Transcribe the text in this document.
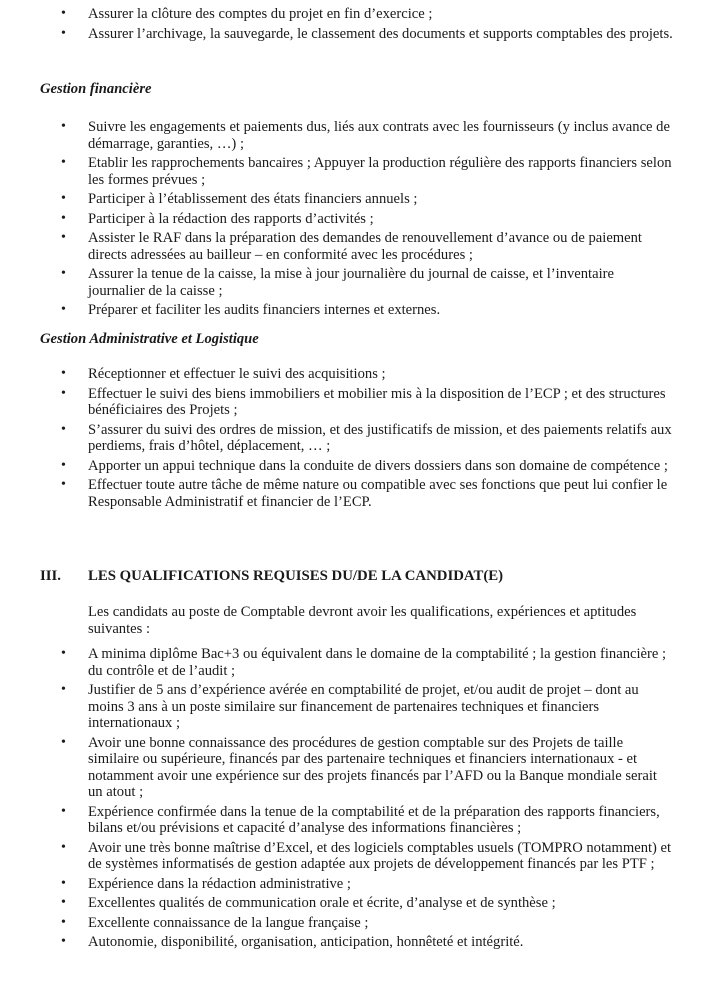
• Assurer la clôture des comptes du projet en fin d’exercice ;
• Assurer l’archivage, la sauvegarde, le classement des documents et supports comptables des projets.
Gestion financière
• Suivre les engagements et paiements dus, liés aux contrats avec les fournisseurs (y inclus avance de démarrage, garanties, …) ;
• Etablir les rapprochements bancaires ; Appuyer la production régulière des rapports financiers selon les formes prévues ;
• Participer à l’établissement des états financiers annuels ;
• Participer à la rédaction des rapports d’activités ;
• Assister le RAF dans la préparation des demandes de renouvellement d’avance ou de paiement directs adressées au bailleur – en conformité avec les procédures ;
• Assurer la tenue de la caisse, la mise à jour journalière du journal de caisse, et l’inventaire journalier de la caisse ;
• Préparer et faciliter les audits financiers internes et externes.
Gestion Administrative et Logistique
• Réceptionner et effectuer le suivi des acquisitions ;
• Effectuer le suivi des biens immobiliers et mobilier mis à la disposition de l’ECP ; et des structures bénéficiaires des Projets ;
• S’assurer du suivi des ordres de mission, et des justificatifs de mission, et des paiements relatifs aux perdiems, frais d’hôtel, déplacement, … ;
• Apporter un appui technique dans la conduite de divers dossiers dans son domaine de compétence ;
• Effectuer toute autre tâche de même nature ou compatible avec ses fonctions que peut lui confier le Responsable Administratif et financier de l’ECP.
III. LES QUALIFICATIONS REQUISES DU/DE LA CANDIDAT(E)
Les candidats au poste de Comptable devront avoir les qualifications, expériences et aptitudes suivantes :
• A minima diplôme Bac+3 ou équivalent dans le domaine de la comptabilité ; la gestion financière ; du contrôle et de l’audit ;
• Justifier de 5 ans d’expérience avérée en comptabilité de projet, et/ou audit de projet – dont au moins 3 ans à un poste similaire sur financement de partenaires techniques et financiers internationaux ;
• Avoir une bonne connaissance des procédures de gestion comptable sur des Projets de taille similaire ou supérieure, financés par des partenaire techniques et financiers internationaux - et notamment avoir une expérience sur des projets financés par l’AFD ou la Banque mondiale serait un atout ;
• Expérience confirmée dans la tenue de la comptabilité et de la préparation des rapports financiers, bilans et/ou prévisions et capacité d’analyse des informations financières ;
• Avoir une très bonne maîtrise d’Excel, et des logiciels comptables usuels (TOMPRO notamment) et de systèmes informatisés de gestion adaptée aux projets de développement financés par les PTF ;
• Expérience dans la rédaction administrative ;
• Excellentes qualités de communication orale et écrite, d’analyse et de synthèse ;
• Excellente connaissance de la langue française ;
• Autonomie, disponibilité, organisation, anticipation, honnêteté et intégrité.
